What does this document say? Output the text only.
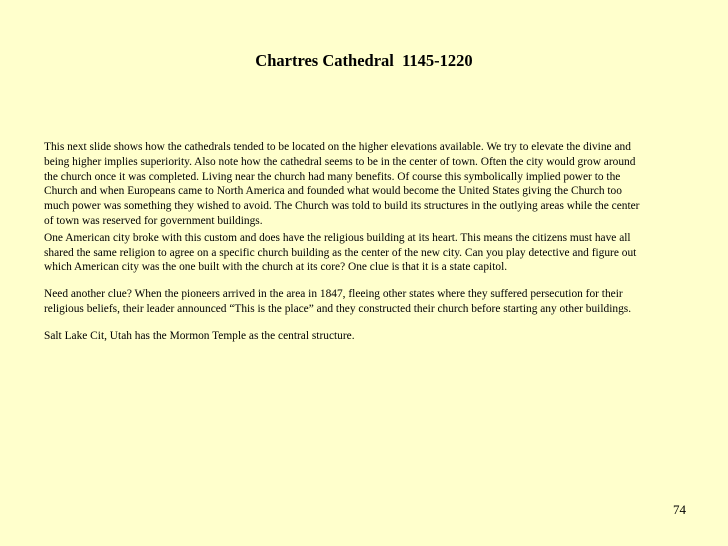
Chartres Cathedral  1145-1220

This next slide shows how the cathedrals tended to be located on the higher elevations available. We try to elevate the divine and
being higher implies superiority. Also note how the cathedral seems to be in the center of town. Often the city would grow around
the church once it was completed. Living near the church had many benefits. Of course this symbolically implied power to the
Church and when Europeans came to North America and founded what would become the United States giving the Church too
much power was something they wished to avoid. The Church was told to build its structures in the outlying areas while the center
of town was reserved for government buildings.

One American city broke with this custom and does have the religious building at its heart. This means the citizens must have all
shared the same religion to agree on a specific church building as the center of the new city. Can you play detective and figure out
which American city was the one built with the church at its core? One clue is that it is a state capitol.

Need another clue? When the pioneers arrived in the area in 1847, fleeing other states where they suffered persecution for their
religious beliefs, their leader announced “This is the place” and they constructed their church before starting any other buildings.

Salt Lake Cit, Utah has the Mormon Temple as the central structure.

74
